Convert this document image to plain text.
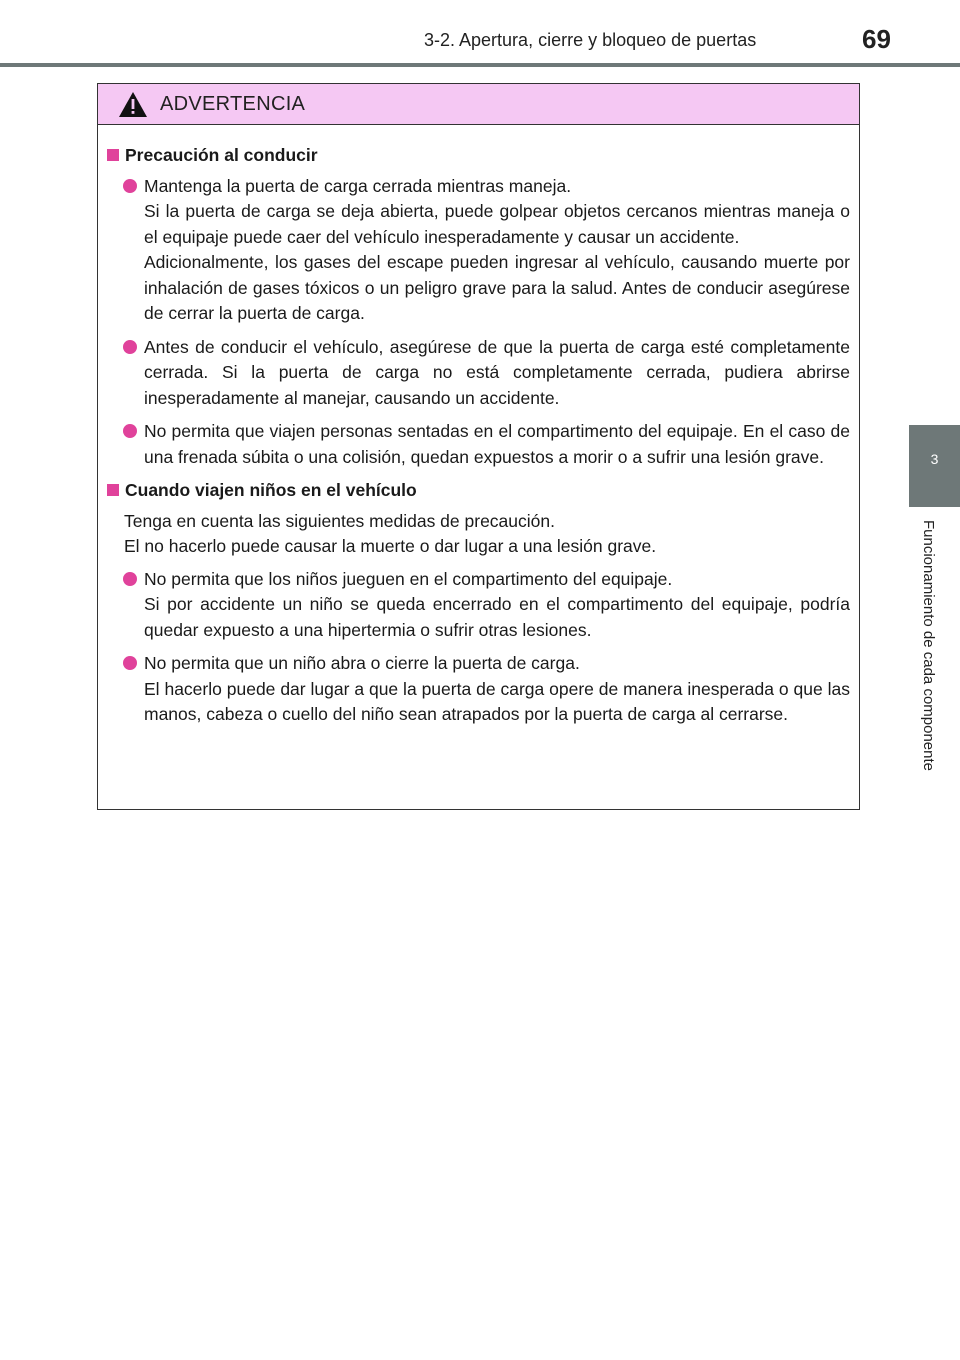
3-2. Apertura, cierre y bloqueo de puertas	69
3
Funcionamiento de cada componente
ADVERTENCIA
Precaución al conducir

Mantenga la puerta de carga cerrada mientras maneja.

Si la puerta de carga se deja abierta, puede golpear objetos cercanos mientras maneja o el equipaje puede caer del vehículo inesperadamente y causar un accidente.

Adicionalmente, los gases del escape pueden ingresar al vehículo, causando muerte por inhalación de gases tóxicos o un peligro grave para la salud. Antes de conducir asegúrese de cerrar la puerta de carga.

Antes de conducir el vehículo, asegúrese de que la puerta de carga esté completamente cerrada. Si la puerta de carga no está completamente cerrada, pudiera abrirse inesperadamente al manejar, causando un accidente.

No permita que viajen personas sentadas en el compartimento del equipaje. En el caso de una frenada súbita o una colisión, quedan expuestos a morir o a sufrir una lesión grave.

Cuando viajen niños en el vehículo

Tenga en cuenta las siguientes medidas de precaución.

El no hacerlo puede causar la muerte o dar lugar a una lesión grave.

No permita que los niños jueguen en el compartimento del equipaje.

Si por accidente un niño se queda encerrado en el compartimento del equipaje, podría quedar expuesto a una hipertermia o sufrir otras lesiones.

No permita que un niño abra o cierre la puerta de carga.

El hacerlo puede dar lugar a que la puerta de carga opere de manera inesperada o que las manos, cabeza o cuello del niño sean atrapados por la puerta de carga al cerrarse.
